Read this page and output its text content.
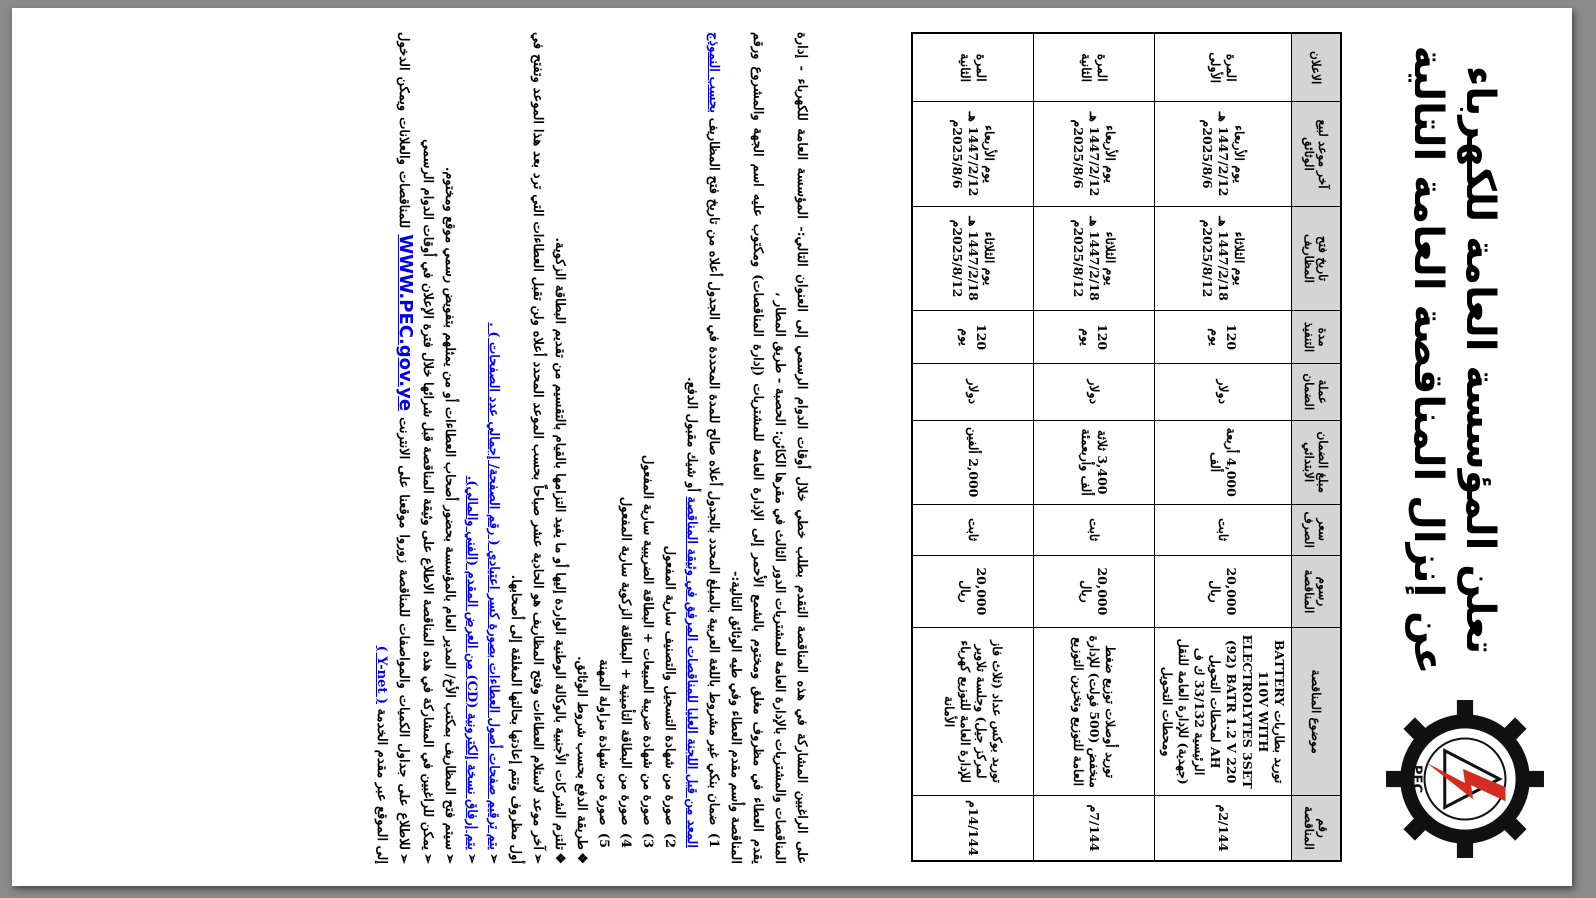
PEC
تعلن المؤسسة العامة للكهرباء
عن إنزال المناقصة العامة التالية
رقم المناقصة	موضوع المناقصة	رسوم المناقصة	سعر الصرف	مبلغ الضمان الابتدائي	عملة الضمان	مدة التنفيذ	تاريخ فتح المظاريف	آخر موعد لبيع الوثائق	الاعلان
2/144م	توريد بطاريات BATTERY 110V WITH ELECTROLYTES 3SET (92) BATR 1.2 V 220 AH لمحطات التحويل الرئيسية 33/132 ك ف (جهدية) للإدارة العامة للنقل ومحطات التحويل	20,000 ريال	ثابت	4,000 أربعة ألف	دولار	120 يوم	يوم الثلاثاء 1447/2/18 هـ 2025/8/12م	يوم الأربعاء 1447/2/12 هـ 2025/8/6م	المرة الأولى
7/144م	توريد أوصلات توزيع ضغط منخفض (500 فولت) للإدارة العامة للتوزيع وتخزين التوزيع	20,000 ريال	ثابت	3,400 ثلاثة ألف وأربعمئة	دولار	120 يوم	يوم الثلاثاء 1447/2/18 هـ 2025/8/12م	يوم الأربعاء 1447/2/12 هـ 2025/8/6م	المرة الثانية
14/144م	توريد بوكس عداد (ثلاث فاز لمركز جيل) وجلسة تلاوير للإدارة العامة للتوزيع كهرباء الأمانة	20,000 ريال	ثابت	2,000 ألفين	دولار	120 يوم	يوم الثلاثاء 1447/2/18 هـ 2025/8/12م	يوم الأربعاء 1447/2/12 هـ 2025/8/6م	المرة الثانية

على الراغبين المشاركة في هذه المناقصة التقدم بطلب خطي خلال أوقات الدوام الرسمي إلى العنوان التالي:- المؤسسة العامة للكهرباء - إدارة المناقصات والمشتريات بالإدارة العامة للمشتريات الدور الثالث في مقرها الكائن: الحصبة - طريق المطار ،

يقدم العطاء في مظروف مغلق ومختوم بالشمع الأحمر إلى الإدارة العامة للمشتريات (إدارة المناقصات) ومكتوب عليه اسم الجهة والمشروع ورقم المناقصة وأسم مقدم العطاء وفي طيه الوثائق التالية:-

1) ضمان بنكي غير مشروط باللغة العربية بالمبلغ المحدد بالجدول أعلاه صالح للمدة المحددة في الجدول أعلاه من تاريخ فتح المظاريف بحسب النموذج المعد من قبل اللجنة العليا للمناقصات المرفق في وثيقة المناقصة أو شيك مقبول الدفع.
2) صورة من شهادة التسجيل والتصنيف سارية المفعول
3) صورة من شهادة ضريبة المبيعات + البطاقة الضريبية سارية المفعول
4) صورة من البطاقة التأمينية + البطاقة الزكوية سارية المفعول
5) صورة من شهادة مزاولة المهنة

❖طريقة الدفع بحسب شروط الوثائق.

❖تلتزم الشركات الأجنبية بالوكالة الوطنية الواردة إليها أو ما يفيد التزامها بالقيام بالتقسيم من تقديم البطاقة الزكوية.

➢آخر موعد لاستلام العطاءات وفتح المظاريف هو الحادية عشر صباحاً بحسب الموعد المحدد أعلاه ولن تقبل العطاءات التي ترد بعد هذا الموعد وتفتح في أول مظروف وتتم إعادتها بحالتها المغلقة إلى أصحابها.

➢يتم ترقيم صفحات أصول العطاءات بصورة كسر اعتيادي ( رقم الصفحة/ إجمالي عدد الصفحات ) .

➢يتم إرفاق نسخة إلكترونية (CD) من العرض المقدم (الفني والمالي).

➢سيتم فتح المظاريف بمكتب الأخ/ المدير العام بالمؤسسة بحضور أصحاب العطاءات أو من يمثلهم بتفويض رسمي موقع ومختوم.

➢يمكن للراغبين في المشاركة في هذه المناقصة الاطلاع على وثيقة المناقصة قبل شرائها خلال فترة الإعلان في أوقات الدوام الرسمي

➢للاطلاع على جداول الكميات والمواصفات للمناقصة زوروا موقعنا على الانترنت WWW.PEC.gov.ye للمناقصات والعلانات ويمكن الدخول إلى الموقع عبر مقدم الخدمة ( Y-net )
